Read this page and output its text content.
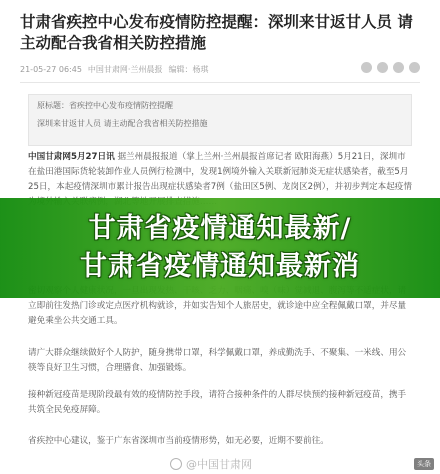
甘肃省疾控中心发布疫情防控提醒：深圳来甘返甘人员 请主动配合我省相关防控措施
21-05-27 06:45 中国甘肃网·兰州晨报 编辑：杨琪
原标题：省疾控中心发布疫情防控提醒
深圳来甘返甘人员 请主动配合我省相关防控措施

中国甘肃网5月27日讯 据兰州晨报报道（掌上兰州·兰州晨报首席记者 欧阳海燕）5月21日，深圳市在盐田港国际货轮装卸作业人员例行检测中，发现1例境外输入关联新冠肺炎无症状感染者，截至5月25日，本起疫情深圳市累计报告出现症状感染者7例（盐田区5例、龙岗区2例），并初步判定本起疫情

立即前往发热门诊或定点医疗机构就诊，并如实告知个人旅居史，就诊途中应全程佩戴口罩，并尽量避免乘坐公共交通工具。

请广大群众继续做好个人防护，随身携带口罩，科学佩戴口罩，养成勤洗手、不聚集、一米线、用公筷等良好卫生习惯，合理膳食、加强锻炼。

接种新冠疫苗是现阶段最有效的疫情防控手段，请符合接种条件的人群尽快预约接种新冠疫苗，携手共筑全民免疫屏障。

省疾控中心建议，鉴于广东省深圳市当前疫情形势，如无必要，近期不要前往。

甘肃省疫情通知最新/

甘肃省疫情通知最新消

@中国甘肃网	头条
